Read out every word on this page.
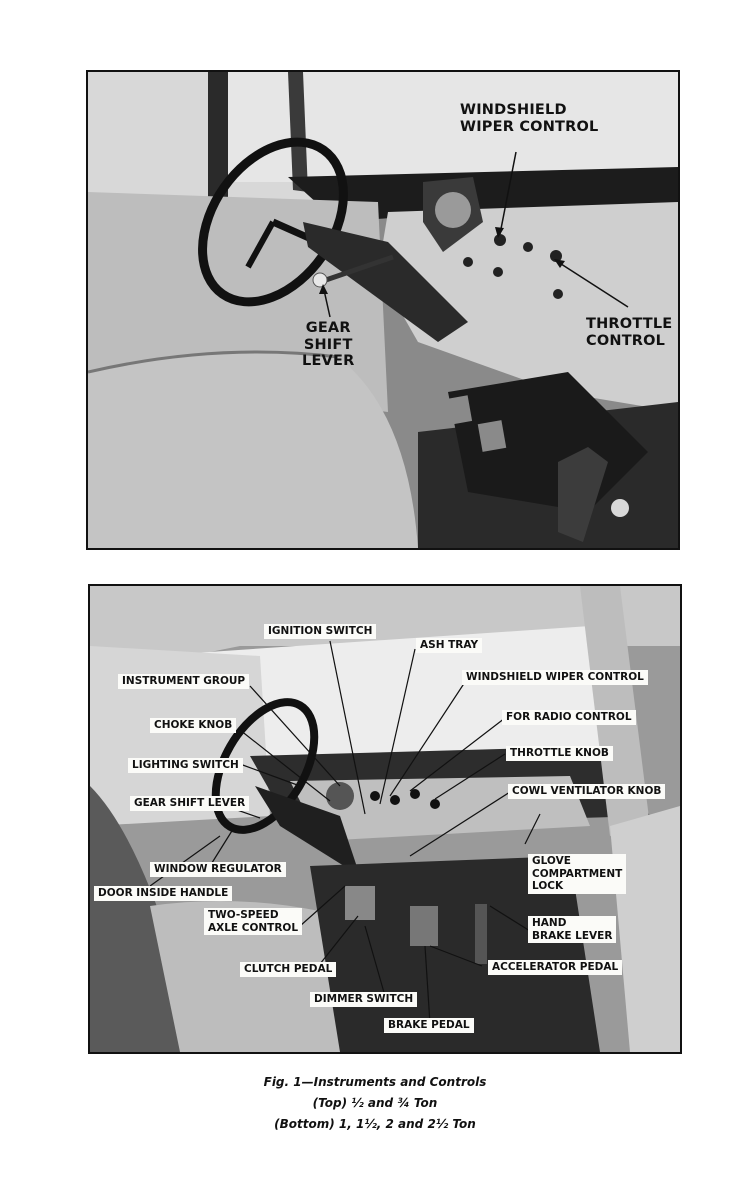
WINDSHIELD
WIPER CONTROL
GEAR
SHIFT
LEVER
THROTTLE
CONTROL
IGNITION SWITCH
ASH TRAY
INSTRUMENT GROUP	WINDSHIELD WIPER CONTROL
CHOKE KNOB
FOR RADIO CONTROL
THROTTLE KNOB
LIGHTING SWITCH
COWL VENTILATOR KNOB
GEAR SHIFT LEVER
GLOVE
COMPARTMENT
LOCK
WINDOW REGULATOR
DOOR INSIDE HANDLE
TWO-SPEED
AXLE CONTROL	HAND
BRAKE LEVER
CLUTCH PEDAL	ACCELERATOR PEDAL
DIMMER SWITCH
BRAKE PEDAL
Fig. 1—Instruments and Controls
(Top) ½ and ¾ Ton
(Bottom) 1, 1½, 2 and 2½ Ton
